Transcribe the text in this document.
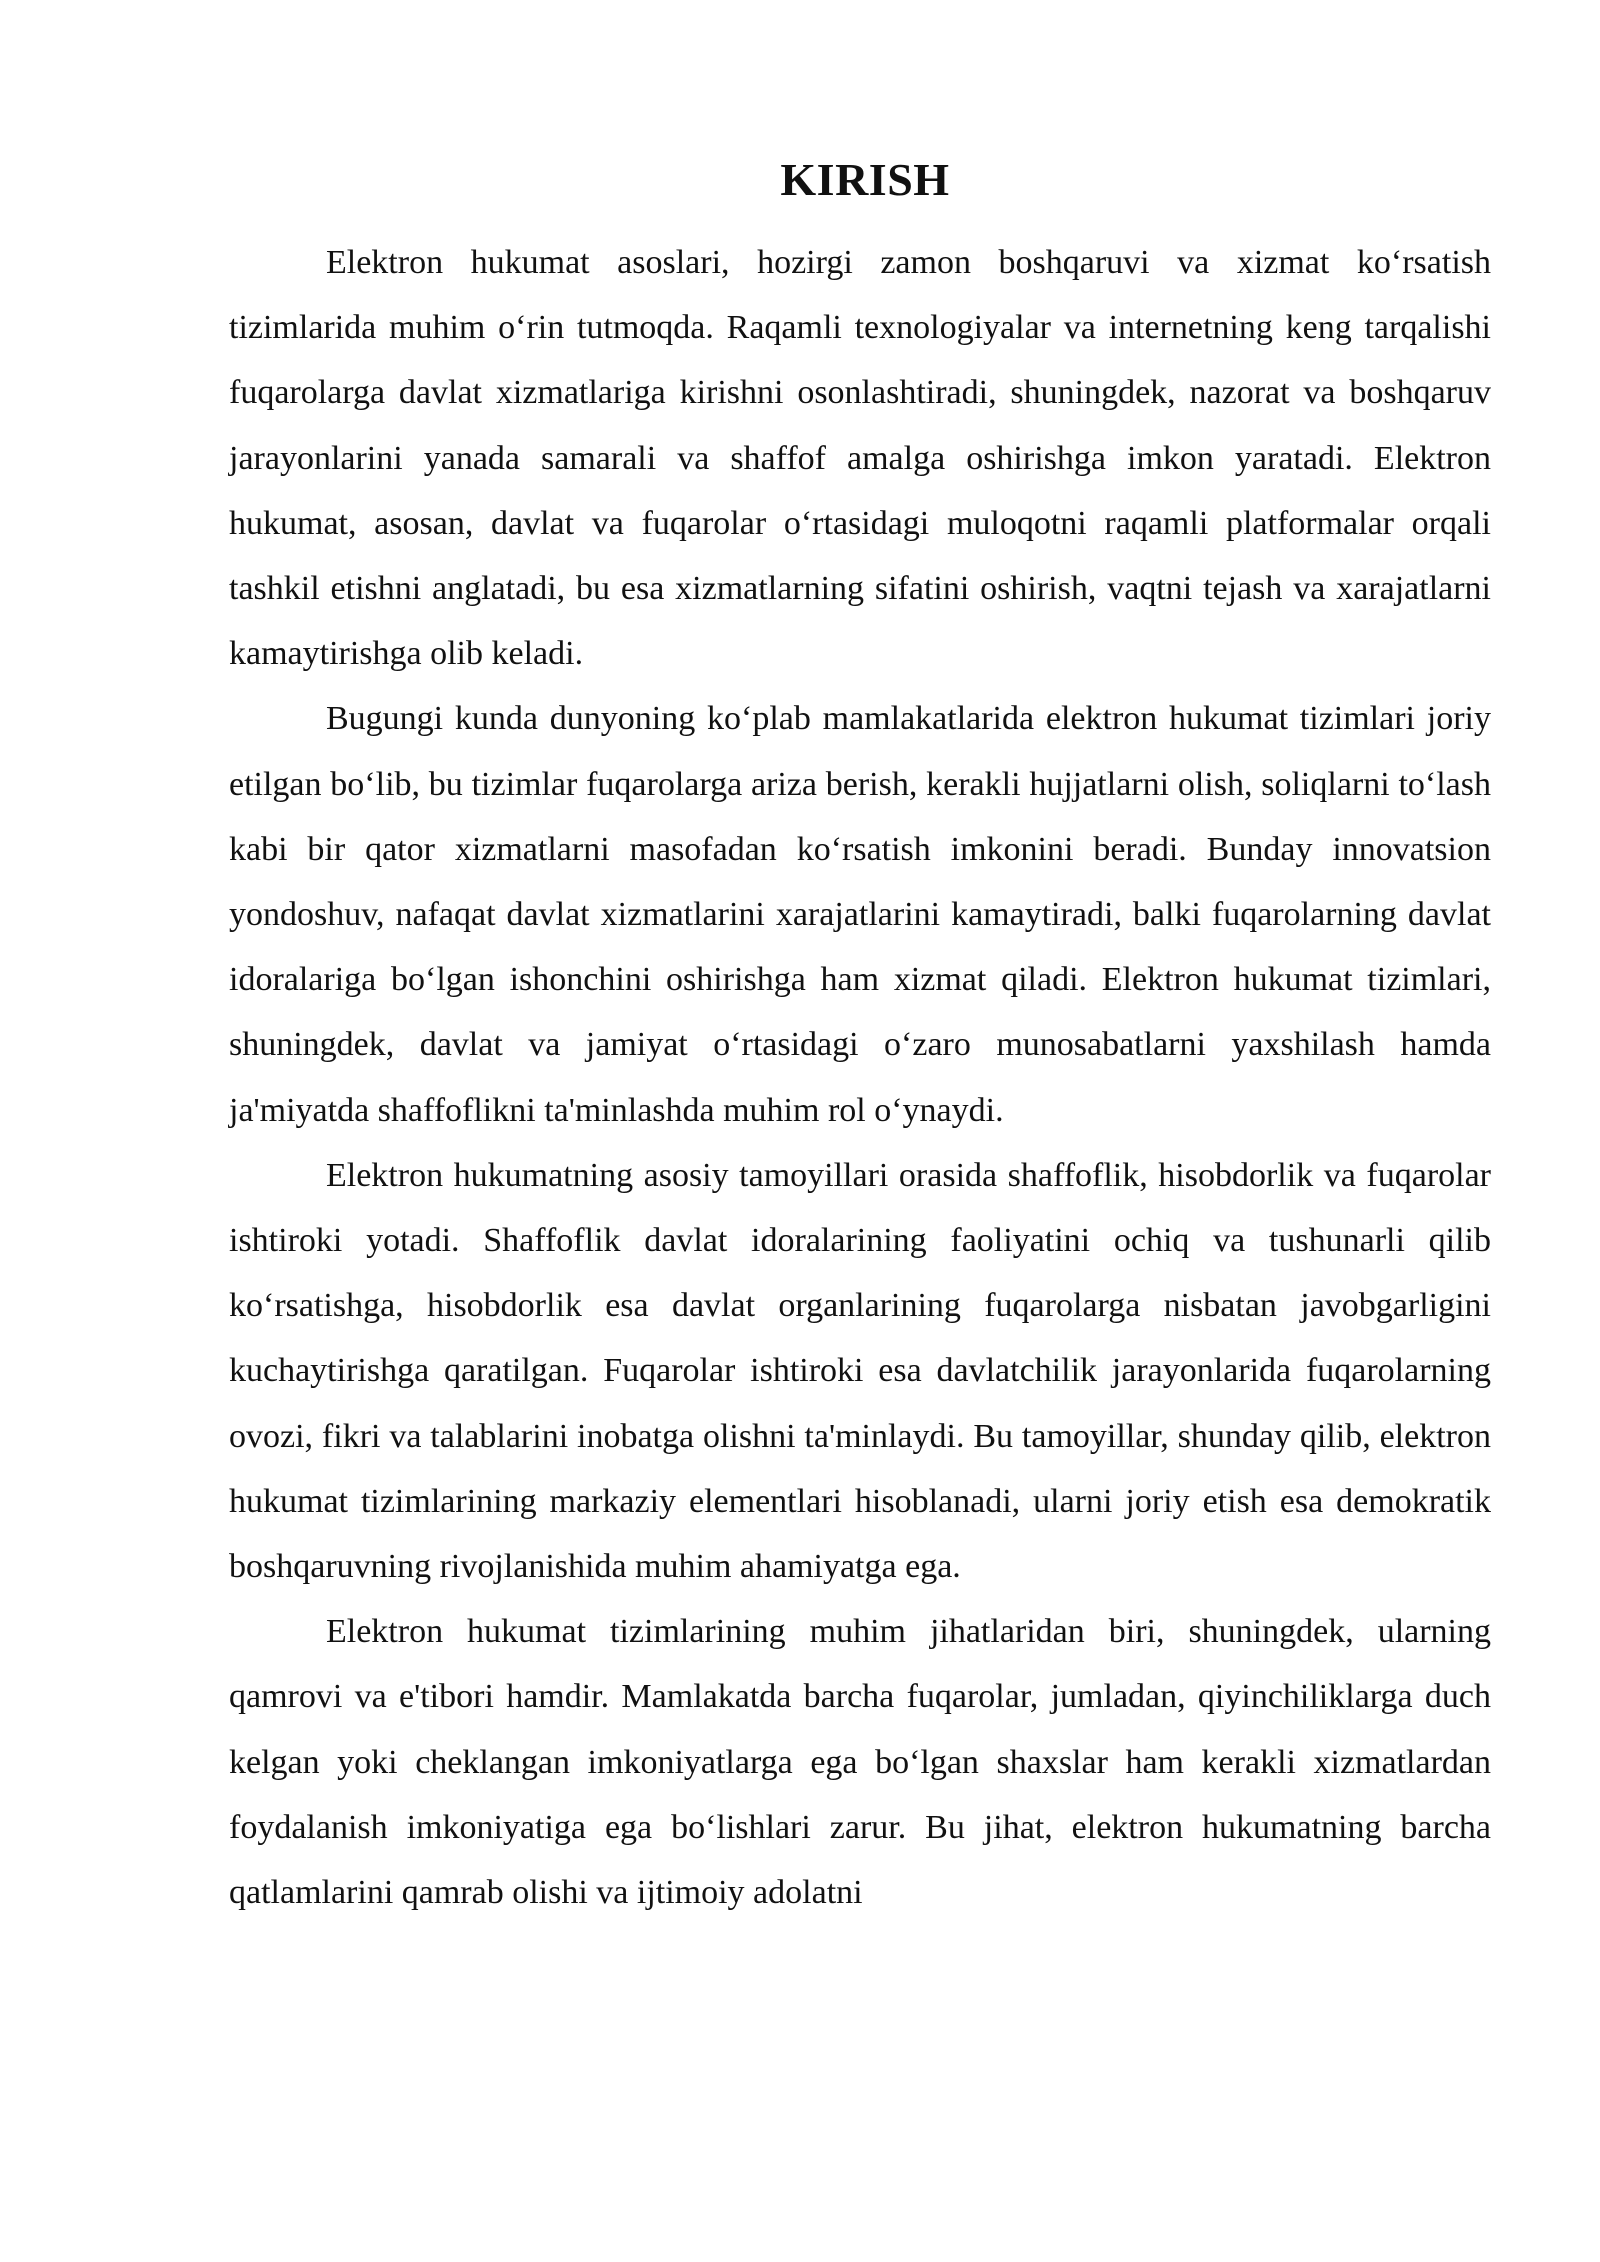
KIRISH

Elektron hukumat asoslari, hozirgi zamon boshqaruvi va xizmat koʻrsatish tizimlarida muhim oʻrin tutmoqda. Raqamli texnologiyalar va internetning keng tarqalishi fuqarolarga davlat xizmatlariga kirishni osonlashtiradi, shuningdek, nazorat va boshqaruv jarayonlarini yanada samarali va shaffof amalga oshirishga imkon yaratadi. Elektron hukumat, asosan, davlat va fuqarolar oʻrtasidagi muloqotni raqamli platformalar orqali tashkil etishni anglatadi, bu esa xizmatlarning sifatini oshirish, vaqtni tejash va xarajatlarni kamaytirishga olib keladi.

Bugungi kunda dunyoning koʻplab mamlakatlarida elektron hukumat tizimlari joriy etilgan boʻlib, bu tizimlar fuqarolarga ariza berish, kerakli hujjatlarni olish, soliqlarni toʻlash kabi bir qator xizmatlarni masofadan koʻrsatish imkonini beradi. Bunday innovatsion yondoshuv, nafaqat davlat xizmatlarini xarajatlarini kamaytiradi, balki fuqarolarning davlat idoralariga boʻlgan ishonchini oshirishga ham xizmat qiladi. Elektron hukumat tizimlari, shuningdek, davlat va jamiyat oʻrtasidagi oʻzaro munosabatlarni yaxshilash hamda ja'miyatda shaffoflikni ta'minlashda muhim rol oʻynaydi.

Elektron hukumatning asosiy tamoyillari orasida shaffoflik, hisobdorlik va fuqarolar ishtiroki yotadi. Shaffoflik davlat idoralarining faoliyatini ochiq va tushunarli qilib koʻrsatishga, hisobdorlik esa davlat organlarining fuqarolarga nisbatan javobgarligini kuchaytirishga qaratilgan. Fuqarolar ishtiroki esa davlatchilik jarayonlarida fuqarolarning ovozi, fikri va talablarini inobatga olishni ta'minlaydi. Bu tamoyillar, shunday qilib, elektron hukumat tizimlarining markaziy elementlari hisoblanadi, ularni joriy etish esa demokratik boshqaruvning rivojlanishida muhim ahamiyatga ega.

Elektron hukumat tizimlarining muhim jihatlaridan biri, shuningdek, ularning qamrovi va e'tibori hamdir. Mamlakatda barcha fuqarolar, jumladan, qiyinchiliklarga duch kelgan yoki cheklangan imkoniyatlarga ega boʻlgan shaxslar ham kerakli xizmatlardan foydalanish imkoniyatiga ega boʻlishlari zarur. Bu jihat, elektron hukumatning barcha qatlamlarini qamrab olishi va ijtimoiy adolatni
